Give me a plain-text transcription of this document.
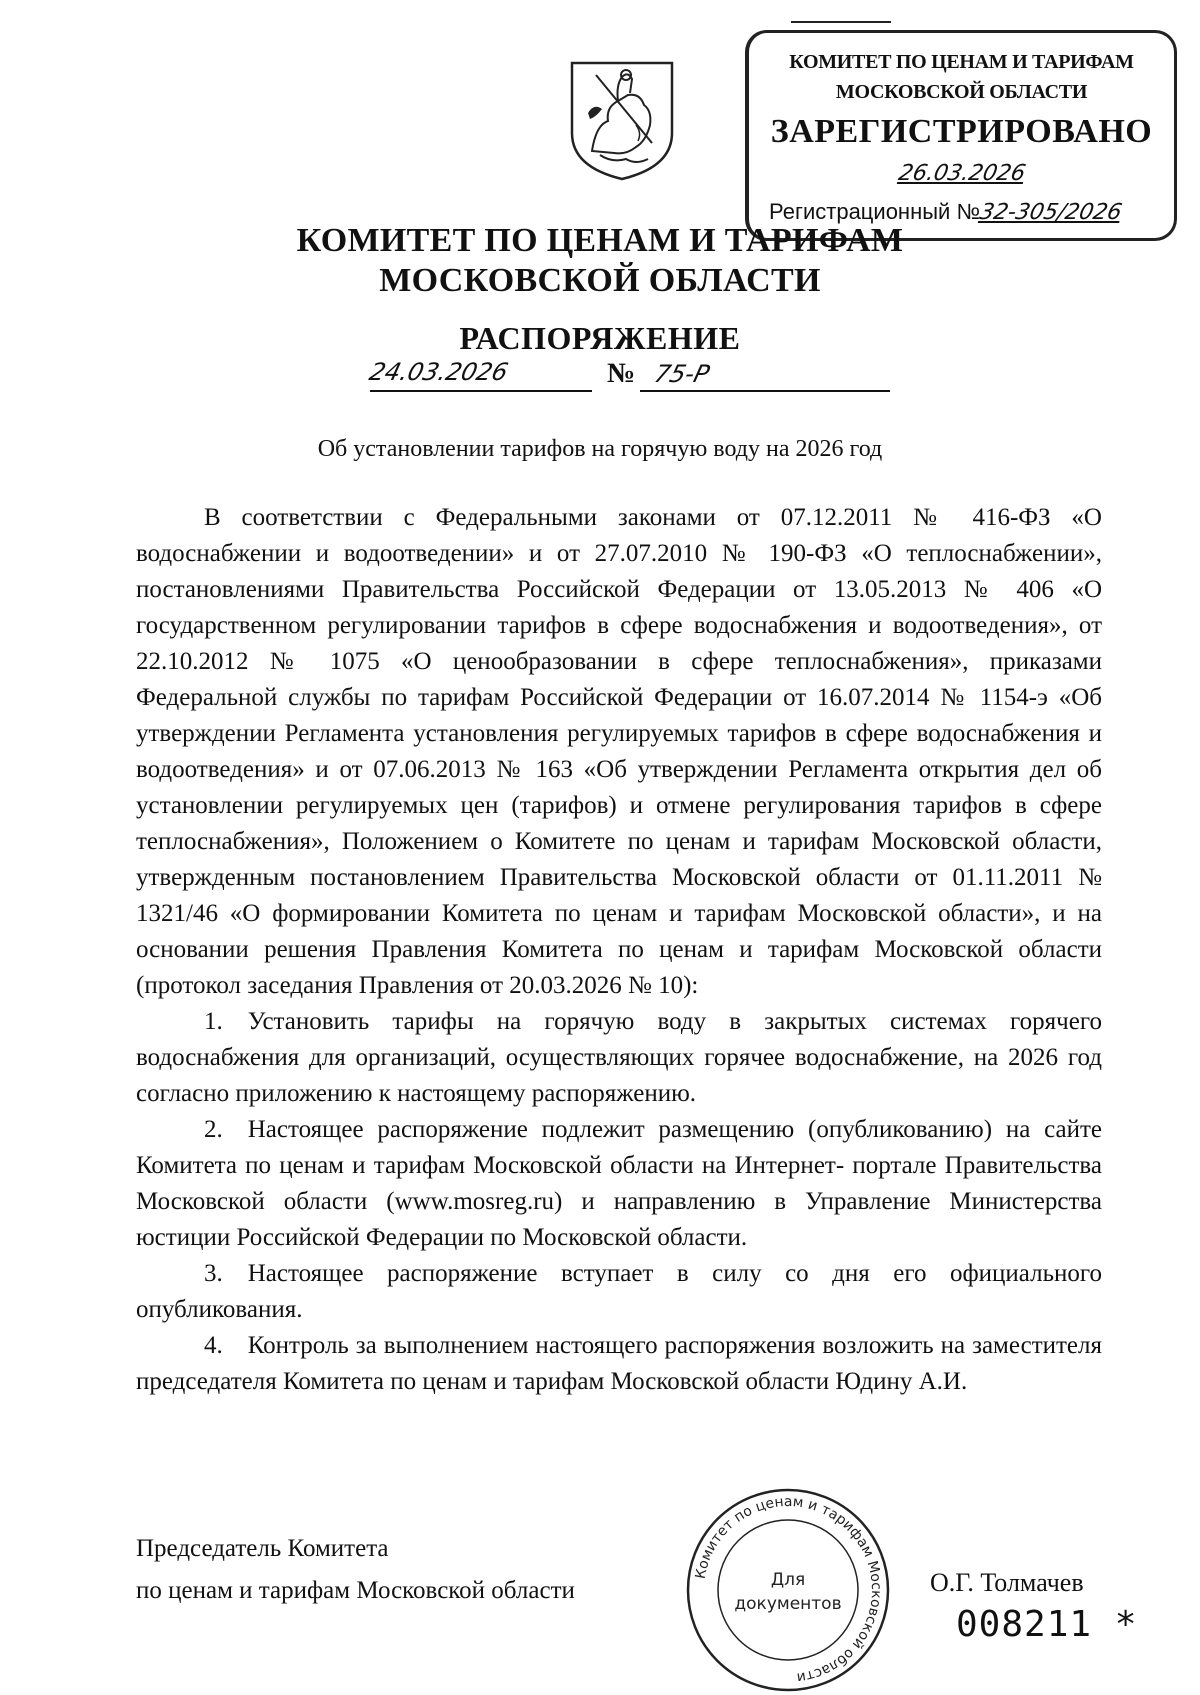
КОМИТЕТ ПО ЦЕНАМ И ТАРИФАМ
МОСКОВСКОЙ ОБЛАСТИ
ЗАРЕГИСТРИРОВАНО
26.03.2026
Регистрационный №32-305/2026
КОМИТЕТ ПО ЦЕНАМ И ТАРИФАМ
МОСКОВСКОЙ ОБЛАСТИ
РАСПОРЯЖЕНИЕ
24.03.2026	№ 75-Р
Об установлении тарифов на горячую воду на 2026 год

В соответствии с Федеральными законами от 07.12.2011 № 416-ФЗ «О водоснабжении и водоотведении» и от 27.07.2010 № 190-ФЗ «О теплоснабжении», постановлениями Правительства Российской Федерации от 13.05.2013 № 406 «О государственном регулировании тарифов в сфере водоснабжения и водоотведения», от 22.10.2012 № 1075 «О ценообразовании в сфере теплоснабжения», приказами Федеральной службы по тарифам Российской Федерации от 16.07.2014 № 1154-э «Об утверждении Регламента установления регулируемых тарифов в сфере водоснабжения и водоотведения» и от 07.06.2013 № 163 «Об утверждении Регламента открытия дел об установлении регулируемых цен (тарифов) и отмене регулирования тарифов в сфере теплоснабжения», Положением о Комитете по ценам и тарифам Московской области, утвержденным постановлением Правительства Московской области от 01.11.2011 № 1321/46 «О формировании Комитета по ценам и тарифам Московской области», и на основании решения Правления Комитета по ценам и тарифам Московской области (протокол заседания Правления от 20.03.2026 № 10):

1. Установить тарифы на горячую воду в закрытых системах горячего водоснабжения для организаций, осуществляющих горячее водоснабжение, на 2026 год согласно приложению к настоящему распоряжению.

2. Настоящее распоряжение подлежит размещению (опубликованию) на сайте Комитета по ценам и тарифам Московской области на Интернет- портале Правительства Московской области (www.mosreg.ru) и направлению в Управление Министерства юстиции Российской Федерации по Московской области.

3. Настоящее распоряжение вступает в силу со дня его официального опубликования.

4. Контроль за выполнением настоящего распоряжения возложить на заместителя председателя Комитета по ценам и тарифам Московской области Юдину А.И.

Председатель Комитета
по ценам и тарифам Московской области
Комитет по ценам и тарифам Московской области
Для
документов
О.Г. Толмачев
008211 *
